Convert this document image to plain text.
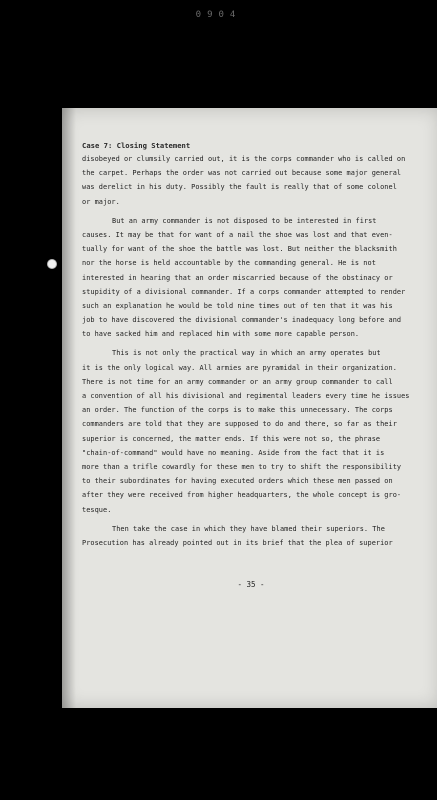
0904
Case 7: Closing Statement
disobeyed or clumsily carried out, it is the corps commander who is called on
the carpet. Perhaps the order was not carried out because some major general
was derelict in his duty. Possibly the fault is really that of some colonel
or major.
But an army commander is not disposed to be interested in first
causes. It may be that for want of a nail the shoe was lost and that even-
tually for want of the shoe the battle was lost. But neither the blacksmith
nor the horse is held accountable by the commanding general. He is not
interested in hearing that an order miscarried because of the obstinacy or
stupidity of a divisional commander. If a corps commander attempted to render
such an explanation he would be told nine times out of ten that it was his
job to have discovered the divisional commander's inadequacy long before and
to have sacked him and replaced him with some more capable person.
This is not only the practical way in which an army operates but
it is the only logical way. All armies are pyramidal in their organization.
There is not time for an army commander or an army group commander to call
a convention of all his divisional and regimental leaders every time he issues
an order. The function of the corps is to make this unnecessary. The corps
commanders are told that they are supposed to do and there, so far as their
superior is concerned, the matter ends. If this were not so, the phrase
"chain-of-command" would have no meaning. Aside from the fact that it is
more than a trifle cowardly for these men to try to shift the responsibility
to their subordinates for having executed orders which these men passed on
after they were received from higher headquarters, the whole concept is gro-
tesque.
Then take the case in which they have blamed their superiors. The
Prosecution has already pointed out in its brief that the plea of superior
- 35 -
